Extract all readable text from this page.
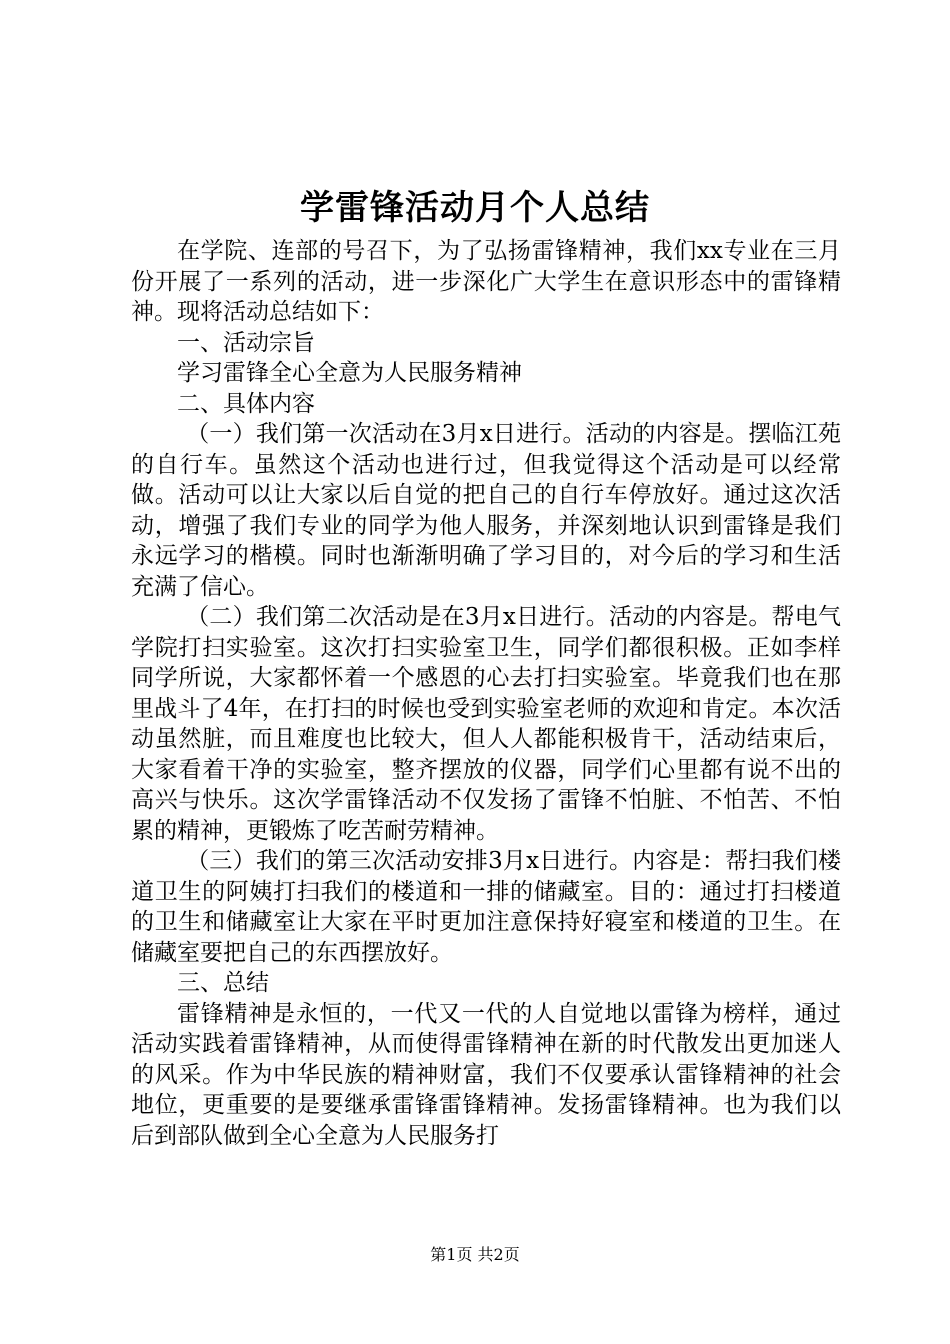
学雷锋活动月个人总结

在学院、连部的号召下，为了弘扬雷锋精神，我们xx专业在三月份开展了一系列的活动，进一步深化广大学生在意识形态中的雷锋精神。现将活动总结如下：

一、活动宗旨

学习雷锋全心全意为人民服务精神

二、具体内容

（一）我们第一次活动在3月x日进行。活动的内容是。摆临江苑的自行车。虽然这个活动也进行过，但我觉得这个活动是可以经常做。活动可以让大家以后自觉的把自己的自行车停放好。通过这次活动，增强了我们专业的同学为他人服务，并深刻地认识到雷锋是我们永远学习的楷模。同时也渐渐明确了学习目的，对今后的学习和生活充满了信心。

（二）我们第二次活动是在3月x日进行。活动的内容是。帮电气学院打扫实验室。这次打扫实验室卫生，同学们都很积极。正如李样同学所说，大家都怀着一个感恩的心去打扫实验室。毕竟我们也在那里战斗了4年，在打扫的时候也受到实验室老师的欢迎和肯定。本次活动虽然脏，而且难度也比较大，但人人都能积极肯干，活动结束后，大家看着干净的实验室，整齐摆放的仪器，同学们心里都有说不出的高兴与快乐。这次学雷锋活动不仅发扬了雷锋不怕脏、不怕苦、不怕累的精神，更锻炼了吃苦耐劳精神。

（三）我们的第三次活动安排3月x日进行。内容是：帮扫我们楼道卫生的阿姨打扫我们的楼道和一排的储藏室。目的：通过打扫楼道的卫生和储藏室让大家在平时更加注意保持好寝室和楼道的卫生。在储藏室要把自己的东西摆放好。

三、总结

雷锋精神是永恒的，一代又一代的人自觉地以雷锋为榜样，通过活动实践着雷锋精神，从而使得雷锋精神在新的时代散发出更加迷人的风采。作为中华民族的精神财富，我们不仅要承认雷锋精神的社会地位，更重要的是要继承雷锋雷锋精神。发扬雷锋精神。也为我们以后到部队做到全心全意为人民服务打

第1页 共2页
